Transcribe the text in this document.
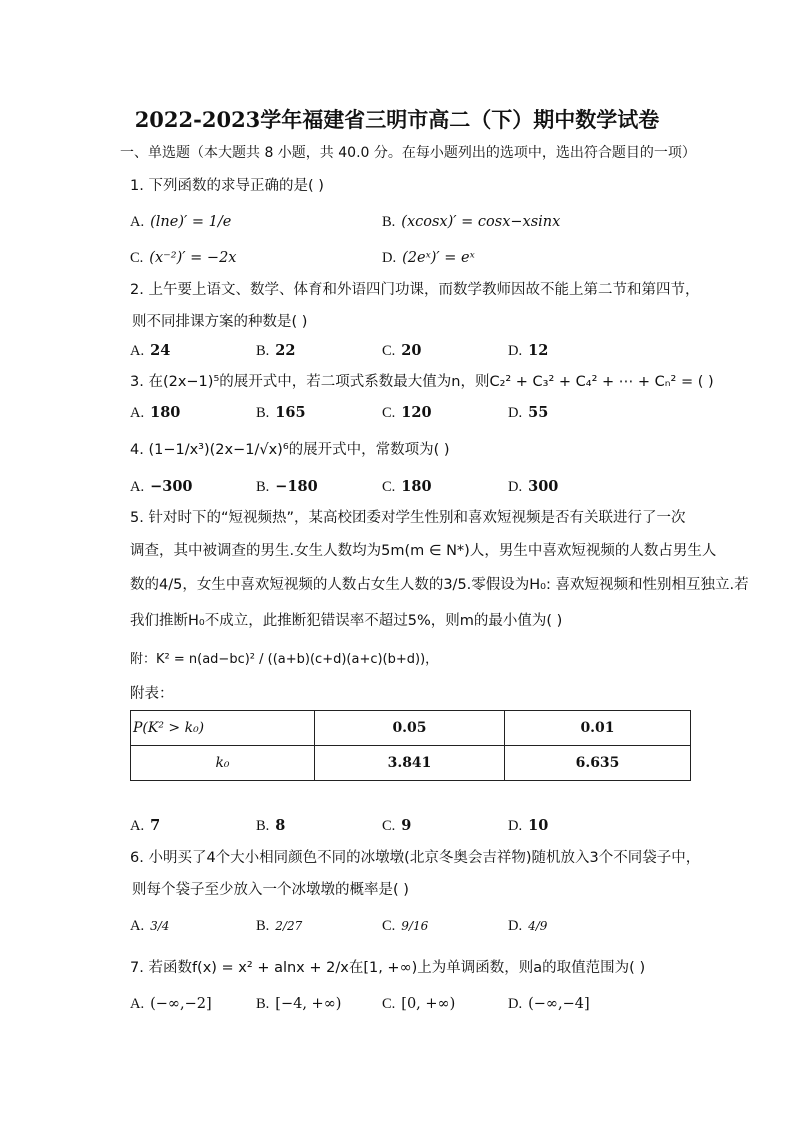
2022-2023学年福建省三明市高二（下）期中数学试卷
一、单选题（本大题共 8 小题，共 40.0 分。在每小题列出的选项中，选出符合题目的一项）
1. 下列函数的求导正确的是( )
A. (lne)′ = 1/e	B. (xcosx)′ = cosx−xsinx
C. (x⁻²)′ = −2x	D. (2eˣ)′ = eˣ
2. 上午要上语文、数学、体育和外语四门功课，而数学教师因故不能上第二节和第四节，
则不同排课方案的种数是( )
A. 24	B. 22	C. 20	D. 12
3. 在(2x−1)⁵的展开式中，若二项式系数最大值为n，则C₂² + C₃² + C₄² + ⋯ + Cₙ² = ( )
A. 180	B. 165	C. 120	D. 55
4. (1−1/x³)(2x−1/√x)⁶的展开式中，常数项为( )
A. −300	B. −180	C. 180	D. 300
5. 针对时下的“短视频热”，某高校团委对学生性别和喜欢短视频是否有关联进行了一次
调查，其中被调查的男生.女生人数均为5m(m ∈ N*)人，男生中喜欢短视频的人数占男生人
数的4/5，女生中喜欢短视频的人数占女生人数的3/5.零假设为H₀: 喜欢短视频和性别相互独立.若
我们推断H₀不成立，此推断犯错误率不超过5%，则m的最小值为( )
附：K² = n(ad−bc)² / ((a+b)(c+d)(a+c)(b+d))，
附表：
P(K² > k₀)	0.05	0.01
k₀	3.841	6.635
A. 7	B. 8	C. 9	D. 10
6. 小明买了4个大小相同颜色不同的冰墩墩(北京冬奥会吉祥物)随机放入3个不同袋子中，
则每个袋子至少放入一个冰墩墩的概率是( )
A. 3/4	B. 2/27	C. 9/16	D. 4/9
7. 若函数f(x) = x² + alnx + 2/x在[1, +∞)上为单调函数，则a的取值范围为( )
A. (−∞,−2]	B. [−4, +∞)	C. [0, +∞)	D. (−∞,−4]
